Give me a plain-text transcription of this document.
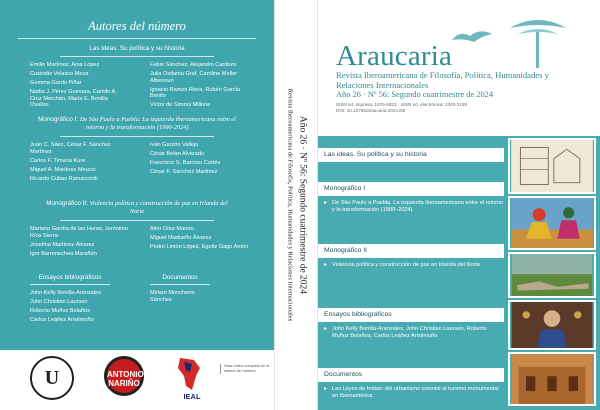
Autores del número
Las ideas. Su política y su historia
Emilio Martínez, Aina López
Custodio Velasco Mesa
Gemma Gordo Piñar
Nadia J. Pérez Guevara, Camilo A. Cruz Merchán, María E. Bonilla Ovallos
Fabio Sánchez, Alejandro Cardozo
Julia Ostlama Graf, Caroline Moller Albenouri
Ignacio Ramos Riera, Rubén García Benito
Víctor de Simoni Millone
Monográfico I: De São Paulo a Puebla. La izquierda iberoamericana entre el retorno y la transformación (1990-2024)
Juan C. Sáez, César F. Sánchez Martínez
Carlos F. Timaná Kure
Miguel A. Martínez Meucci
Ricardo Cubas Ramacciotti
Iván Garzón Vallejo
César Belan Alvarado
Francisco S. Barroso Cortés
César F. Sánchez Martínez
Monográfico II: Violencia política y construcción de paz en Irlanda del Norte
Mariano Gardía de las Heras, Jerónimo Ríos Sierra
Josefina Martínez Álvarez
Igor Barrenechea Marañón
Aitor Díaz-Maroto
Miguel Madueño Álvarez
Pedro Limón López, Egoitz Gago Antón
Ensayos bibliográficos
John Kelly Bonilla-Aranzales
John Christian Laursen
Roberto Muñoz Bolaños
Carlos Leáñez Aristimuño
Documentos
Miriam Moncheno Sánchez
U	ANTONIO NARIÑO
IEAL
Vista índice completo en el interior del número
Año 26 · Nº 56: Segundo cuatrimestre de 2024
Revista Iberoamericana de Filosofía, Política, Humanidades y Relaciones Internacionales
Araucaria
Revista Iberoamericana de Filosofía, Política, Humanidades y Relaciones Internacionales
Año 26 · Nº 56: Segundo cuatrimestre de 2024
ISSN ed. impresa: 1575-6823 · ISSN ed. electrónica: 2340-2199
DOI: 10.12795/araucaria.2024.i56
Las ideas. Su política y su historia
Monográfico I
▸ De São Paulo a Puebla. La izquierda iberoamericana entre el retorno y la transformación (1990–2024)
Monográfico II
▸ Violencia política y construcción de paz en Irlanda del Norte
Ensayos bibliográficos
▸ John Kelly Bonilla-Aranzales, John Christian Laursen, Roberto Muñoz Bolaños, Carlos Leáñez Aristimuño
Documentos
▸ Las Leyes de Indias: del urbanismo colonial al turismo monumental en Iberoamérica
